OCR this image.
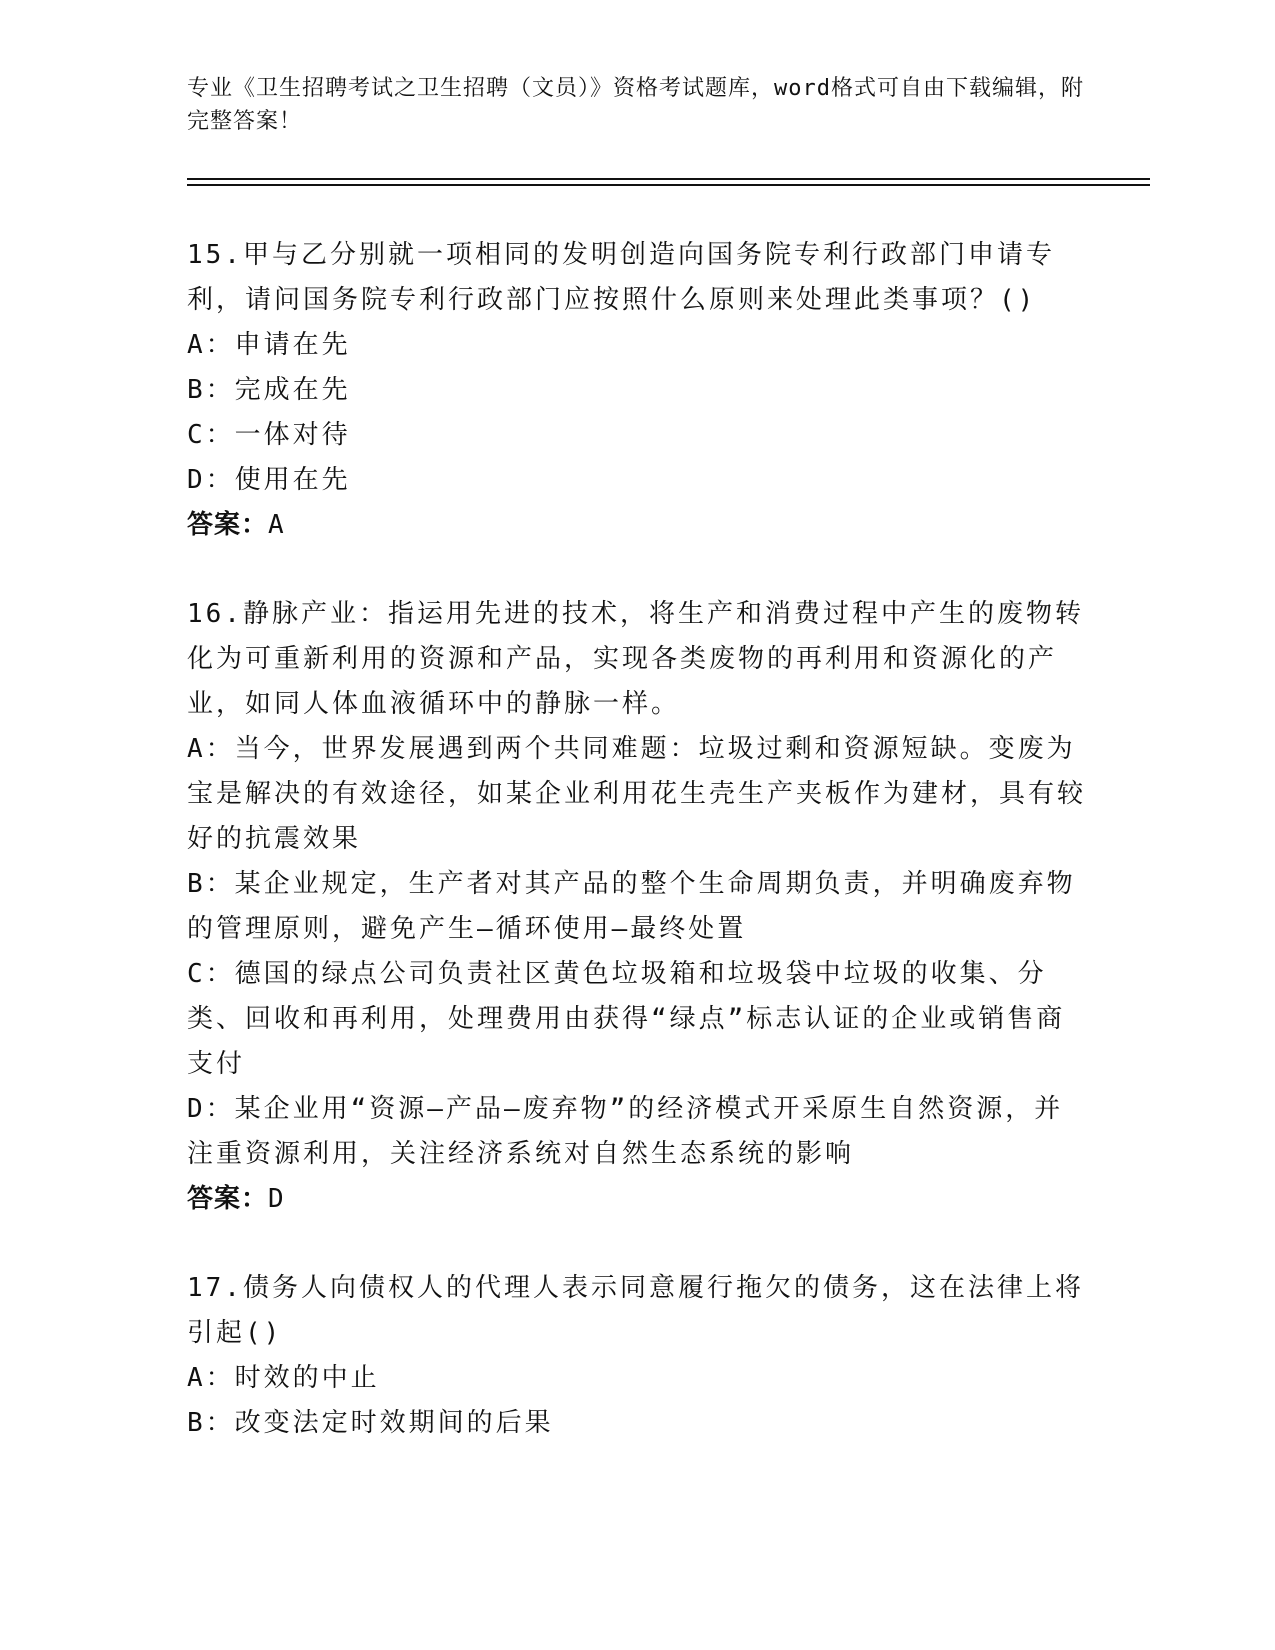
专业《卫生招聘考试之卫生招聘（文员）》资格考试题库，word格式可自由下载编辑，附完整答案！
15.甲与乙分别就一项相同的发明创造向国务院专利行政部门申请专利，请问国务院专利行政部门应按照什么原则来处理此类事项？()
A：申请在先
B：完成在先
C：一体对待
D：使用在先
答案：A
16.静脉产业：指运用先进的技术，将生产和消费过程中产生的废物转化为可重新利用的资源和产品，实现各类废物的再利用和资源化的产业，如同人体血液循环中的静脉一样。
A：当今，世界发展遇到两个共同难题：垃圾过剩和资源短缺。变废为宝是解决的有效途径，如某企业利用花生壳生产夹板作为建材，具有较好的抗震效果
B：某企业规定，生产者对其产品的整个生命周期负责，并明确废弃物的管理原则，避免产生—循环使用—最终处置
C：德国的绿点公司负责社区黄色垃圾箱和垃圾袋中垃圾的收集、分类、回收和再利用，处理费用由获得“绿点”标志认证的企业或销售商支付
D：某企业用“资源—产品—废弃物”的经济模式开采原生自然资源，并注重资源利用，关注经济系统对自然生态系统的影响
答案：D
17.债务人向债权人的代理人表示同意履行拖欠的债务，这在法律上将引起()
A：时效的中止
B：改变法定时效期间的后果
